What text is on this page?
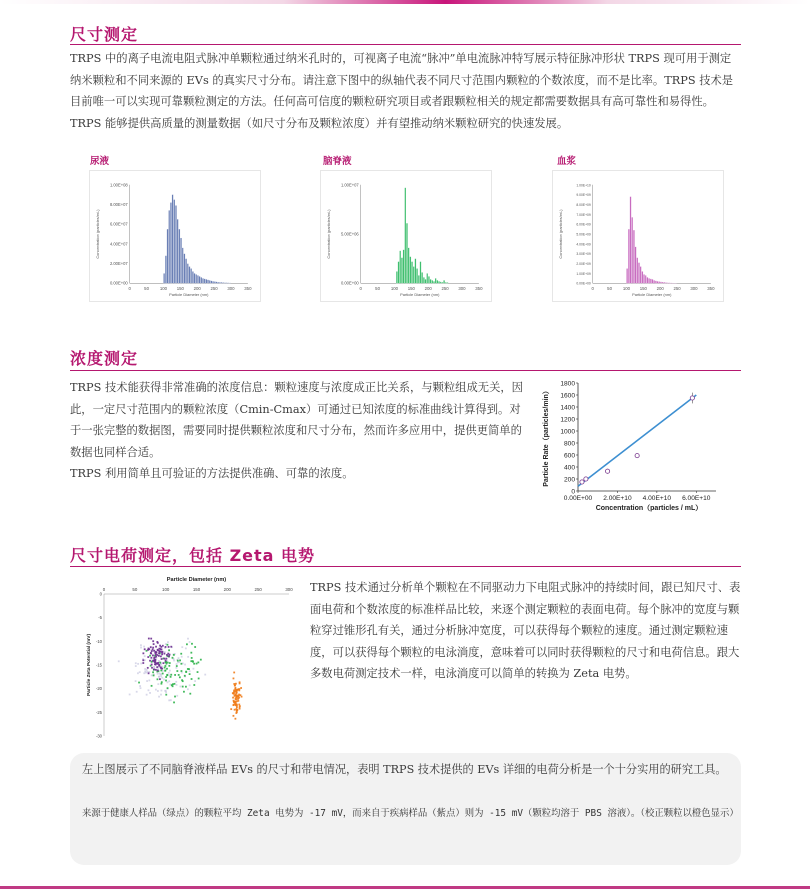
尺寸测定
TRPS 中的离子电流电阻式脉冲单颗粒通过纳米孔时的，可视离子电流“脉冲”单电流脉冲特写展示特征脉冲形状 TRPS 现可用于测定纳米颗粒和不同来源的 EVs 的真实尺寸分布。请注意下图中的纵轴代表不同尺寸范围内颗粒的个数浓度，而不是比率。TRPS 技术是目前唯一可以实现可靠颗粒测定的方法。任何高可信度的颗粒研究项目或者跟颗粒相关的规定都需要数据具有高可靠性和易得性。TRPS 能够提供高质量的测量数据（如尺寸分布及颗粒浓度）并有望推动纳米颗粒研究的快速发展。
尿液	脑脊液	血浆
0.00E+00
2.00E+07
4.00E+07
6.00E+07
8.00E+07
1.00E+08
0	50 100 150 200 250 300 350
Particle Diameter (nm)
Concentration (particles/mL)
0.00E+00
5.00E+06
1.00E+07
0	50 100 150 200 250 300 350
Particle Diameter (nm)
Concentration (particles/mL)
0.00E+00
1.00E+09
2.00E+09
3.00E+09
4.00E+09
5.00E+09
6.00E+09
7.00E+09
8.00E+09
9.00E+09
1.00E+10
0	50 100 150 200 250 300 350
Particle Diameter (nm)
Concentration (particles/mL)
浓度测定
TRPS 技术能获得非常准确的浓度信息：颗粒速度与浓度成正比关系，与颗粒组成无关，因此，一定尺寸范围内的颗粒浓度（Cmin-Cmax）可通过已知浓度的标准曲线计算得到。对于一张完整的数据图，需要同时提供颗粒浓度和尺寸分布，然而许多应用中，提供更简单的数据也同样合适。
TRPS 利用简单且可验证的方法提供准确、可靠的浓度。
0
200
400
600
800
1000
1200
1400
1600
1800
0.00E+00 2.00E+10 4.00E+10 6.00E+10
Concentration（particles / mL）
Particle Rate（particles/min）
尺寸电荷测定，包括 Zeta 电势
Particle Diameter (nm)
0	50	100	150	200	250	300
0
-5
-10
-15
-20
-25
-30
Particle Zeta Potential (mV)
TRPS 技术通过分析单个颗粒在不同驱动力下电阻式脉冲的持续时间，跟已知尺寸、表面电荷和个数浓度的标准样品比较，来逐个测定颗粒的表面电荷。每个脉冲的宽度与颗粒穿过锥形孔有关，通过分析脉冲宽度，可以获得每个颗粒的速度。通过测定颗粒速度，可以获得每个颗粒的电泳淌度，意味着可以同时获得颗粒的尺寸和电荷信息。跟大多数电荷测定技术一样，电泳淌度可以简单的转换为 Zeta 电势。
左上图展示了不同脑脊液样品 EVs 的尺寸和带电情况，表明 TRPS 技术提供的 EVs 详细的电荷分析是一个十分实用的研究工具。
来源于健康人样品（绿点）的颗粒平均 Zeta 电势为 -17 mV，而来自于疾病样品（紫点）则为 -15 mV（颗粒均溶于 PBS 溶液）。（校正颗粒以橙色显示）
